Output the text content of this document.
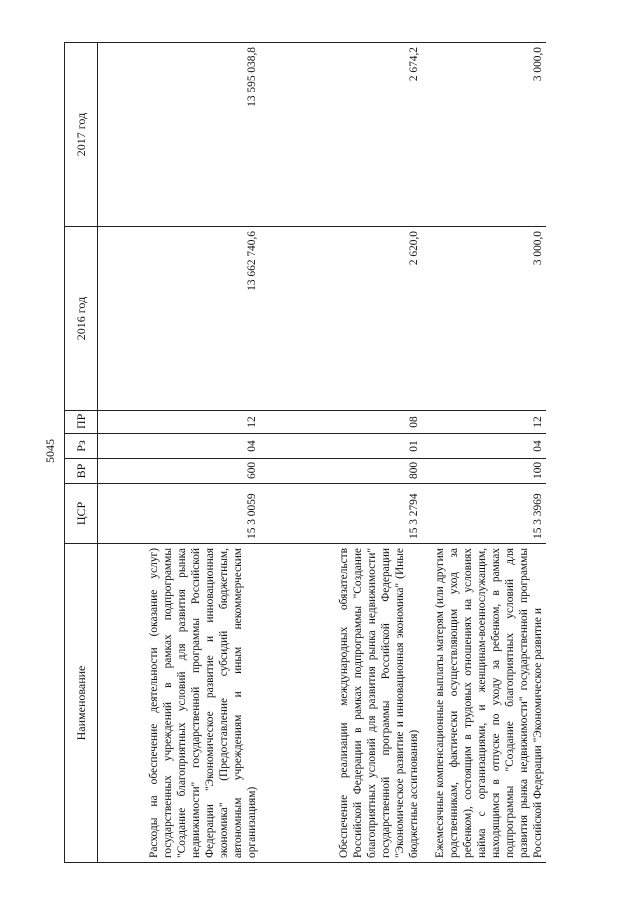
5045
Наименование	ЦСР	ВР	Рз	ПР	2016 год	2017 год
Расходы на обеспечение деятельности (оказание услуг) государственных учреждений в рамках подпрограммы "Создание благоприятных условий для развития рынка недвижимости" государственной программы Российской Федерации "Экономическое развитие и инновационная экономика" (Предоставление субсидий бюджетным, автономным учреждениям и иным некоммерческим организациям)	15 3 0059	600	04	12	13 662 740,6	13 595 038,8
Обеспечение реализации международных обязательств Российской Федерации в рамках подпрограммы "Создание благоприятных условий для развития рынка недвижимости" государственной программы Российской Федерации "Экономическое развитие и инновационная экономика" (Иные бюджетные ассигнования)	15 3 2794	800	01	08	2 620,0	2 674,2
Ежемесячные компенсационные выплаты матерям (или другим родственникам, фактически осуществляющим уход за ребенком), состоящим в трудовых отношениях на условиях найма с организациями, и женщинам-военнослужащим, находящимся в отпуске по уходу за ребенком, в рамках подпрограммы "Создание благоприятных условий для развития рынка недвижимости" государственной программы Российской Федерации "Экономическое развитие и	15 3 3969	100	04	12	3 000,0	3 000,0
